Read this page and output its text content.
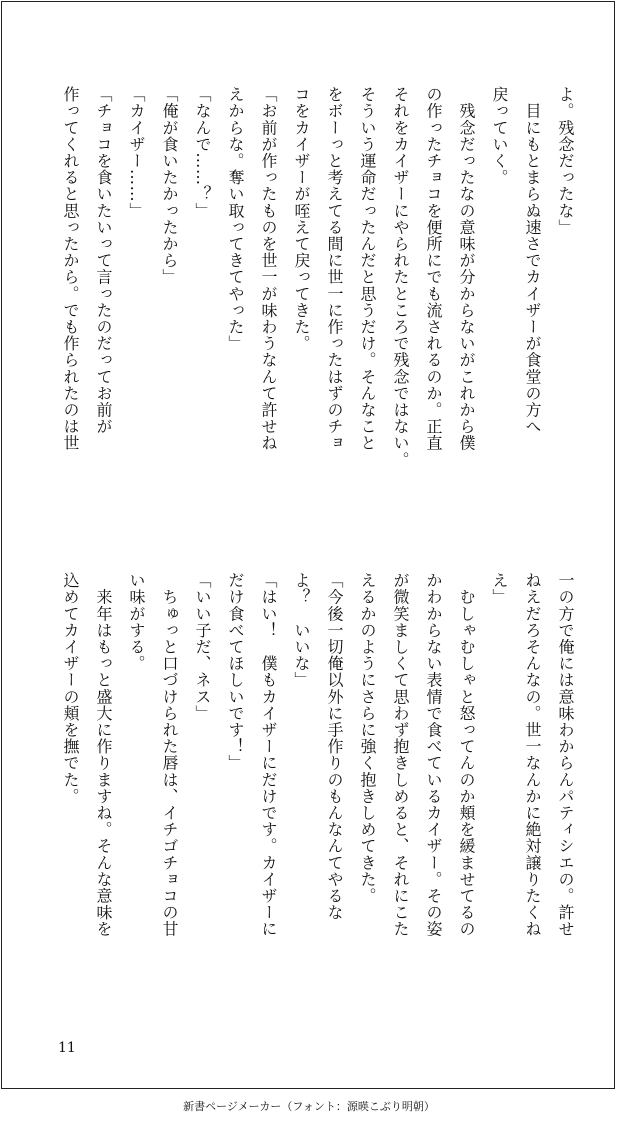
よ。残念だったな」
　目にもとまらぬ速さでカイザーが食堂の方へ
戻っていく。
　残念だったなの意味が分からないがこれから僕
の作ったチョコを便所にでも流されるのか。正直
それをカイザーにやられたところで残念ではない。
そういう運命だったんだと思うだけ。そんなこと
をボーっと考えてる間に世一に作ったはずのチョ
コをカイザーが咥えて戻ってきた。
「お前が作ったものを世一が味わうなんて許せね
えからな。奪い取ってきてやった」
「なんで……？」
「俺が食いたかったから」
「カイザー……」
「チョコを食いたいって言ったのだってお前が
作ってくれると思ったから。でも作られたのは世
一の方で俺には意味わからんパティシエの。許せ
ねえだろそんなの。世一なんかに絶対譲りたくね
え」
　むしゃむしゃと怒ってんのか頬を緩ませてるの
かわからない表情で食べているカイザー。その姿
が微笑ましくて思わず抱きしめると、それにこた
えるかのようにさらに強く抱きしめてきた。
「今後一切俺以外に手作りのもんなんてやるな
よ？　いいな」
「はい！　僕もカイザーにだけです。カイザーに
だけ食べてほしいです！」
「いい子だ、ネス」
　ちゅっと口づけられた唇は、イチゴチョコの甘
い味がする。
　来年はもっと盛大に作りますね。そんな意味を
込めてカイザーの頬を撫でた。
11
新書ページメーカー（フォント：源暎こぶり明朝）
